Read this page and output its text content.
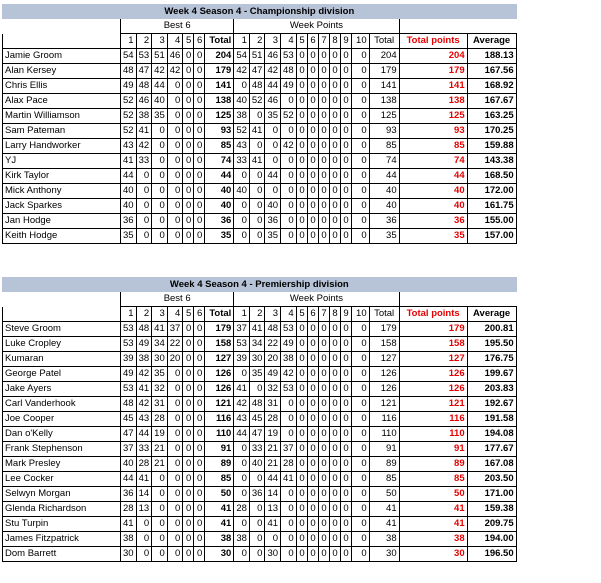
Week 4 Season 4 - Championship division																				
	Best 6							Week Points												
	1	2	3	4	5	6	Total	1	2	3	4	5	6	7	8	9	10	Total	Total points	Average
Jamie Groom	54	53	51	46	0	0	204	54	51	46	53	0	0	0	0	0	0	204	204	188.13
Alan Kersey	48	47	42	42	0	0	179	42	47	42	48	0	0	0	0	0	0	179	179	167.56
Chris Ellis	49	48	44	0	0	0	141	0	48	44	49	0	0	0	0	0	0	141	141	168.92
Alax Pace	52	46	40	0	0	0	138	40	52	46	0	0	0	0	0	0	0	138	138	167.67
Martin Williamson	52	38	35	0	0	0	125	38	0	35	52	0	0	0	0	0	0	125	125	163.25
Sam Pateman	52	41	0	0	0	0	93	52	41	0	0	0	0	0	0	0	0	93	93	170.25
Larry Handworker	43	42	0	0	0	0	85	43	0	0	42	0	0	0	0	0	0	85	85	159.88
YJ	41	33	0	0	0	0	74	33	41	0	0	0	0	0	0	0	0	74	74	143.38
Kirk Taylor	44	0	0	0	0	0	44	0	0	44	0	0	0	0	0	0	0	44	44	168.50
Mick Anthony	40	0	0	0	0	0	40	40	0	0	0	0	0	0	0	0	0	40	40	172.00
Jack Sparkes	40	0	0	0	0	0	40	0	0	40	0	0	0	0	0	0	0	40	40	161.75
Jan Hodge	36	0	0	0	0	0	36	0	0	36	0	0	0	0	0	0	0	36	36	155.00
Keith Hodge	35	0	0	0	0	0	35	0	0	35	0	0	0	0	0	0	0	35	35	157.00
Week 4 Season 4 - Premiership division																				
	Best 6							Week Points												
	1	2	3	4	5	6	Total	1	2	3	4	5	6	7	8	9	10	Total	Total points	Average
Steve Groom	53	48	41	37	0	0	179	37	41	48	53	0	0	0	0	0	0	179	179	200.81
Luke Cropley	53	49	34	22	0	0	158	53	34	22	49	0	0	0	0	0	0	158	158	195.50
Kumaran	39	38	30	20	0	0	127	39	30	20	38	0	0	0	0	0	0	127	127	176.75
George Patel	49	42	35	0	0	0	126	0	35	49	42	0	0	0	0	0	0	126	126	199.67
Jake Ayers	53	41	32	0	0	0	126	41	0	32	53	0	0	0	0	0	0	126	126	203.83
Carl Vanderhook	48	42	31	0	0	0	121	42	48	31	0	0	0	0	0	0	0	121	121	192.67
Joe Cooper	45	43	28	0	0	0	116	43	45	28	0	0	0	0	0	0	0	116	116	191.58
Dan o'Kelly	47	44	19	0	0	0	110	44	47	19	0	0	0	0	0	0	0	110	110	194.08
Frank Stephenson	37	33	21	0	0	0	91	0	33	21	37	0	0	0	0	0	0	91	91	177.67
Mark Presley	40	28	21	0	0	0	89	0	40	21	28	0	0	0	0	0	0	89	89	167.08
Lee Cocker	44	41	0	0	0	0	85	0	0	44	41	0	0	0	0	0	0	85	85	203.50
Selwyn Morgan	36	14	0	0	0	0	50	0	36	14	0	0	0	0	0	0	0	50	50	171.00
Glenda Richardson	28	13	0	0	0	0	41	28	0	13	0	0	0	0	0	0	0	41	41	159.38
Stu Turpin	41	0	0	0	0	0	41	0	0	41	0	0	0	0	0	0	0	41	41	209.75
James Fitzpatrick	38	0	0	0	0	0	38	38	0	0	0	0	0	0	0	0	0	38	38	194.00
Dom Barrett	30	0	0	0	0	0	30	0	0	30	0	0	0	0	0	0	0	30	30	196.50
